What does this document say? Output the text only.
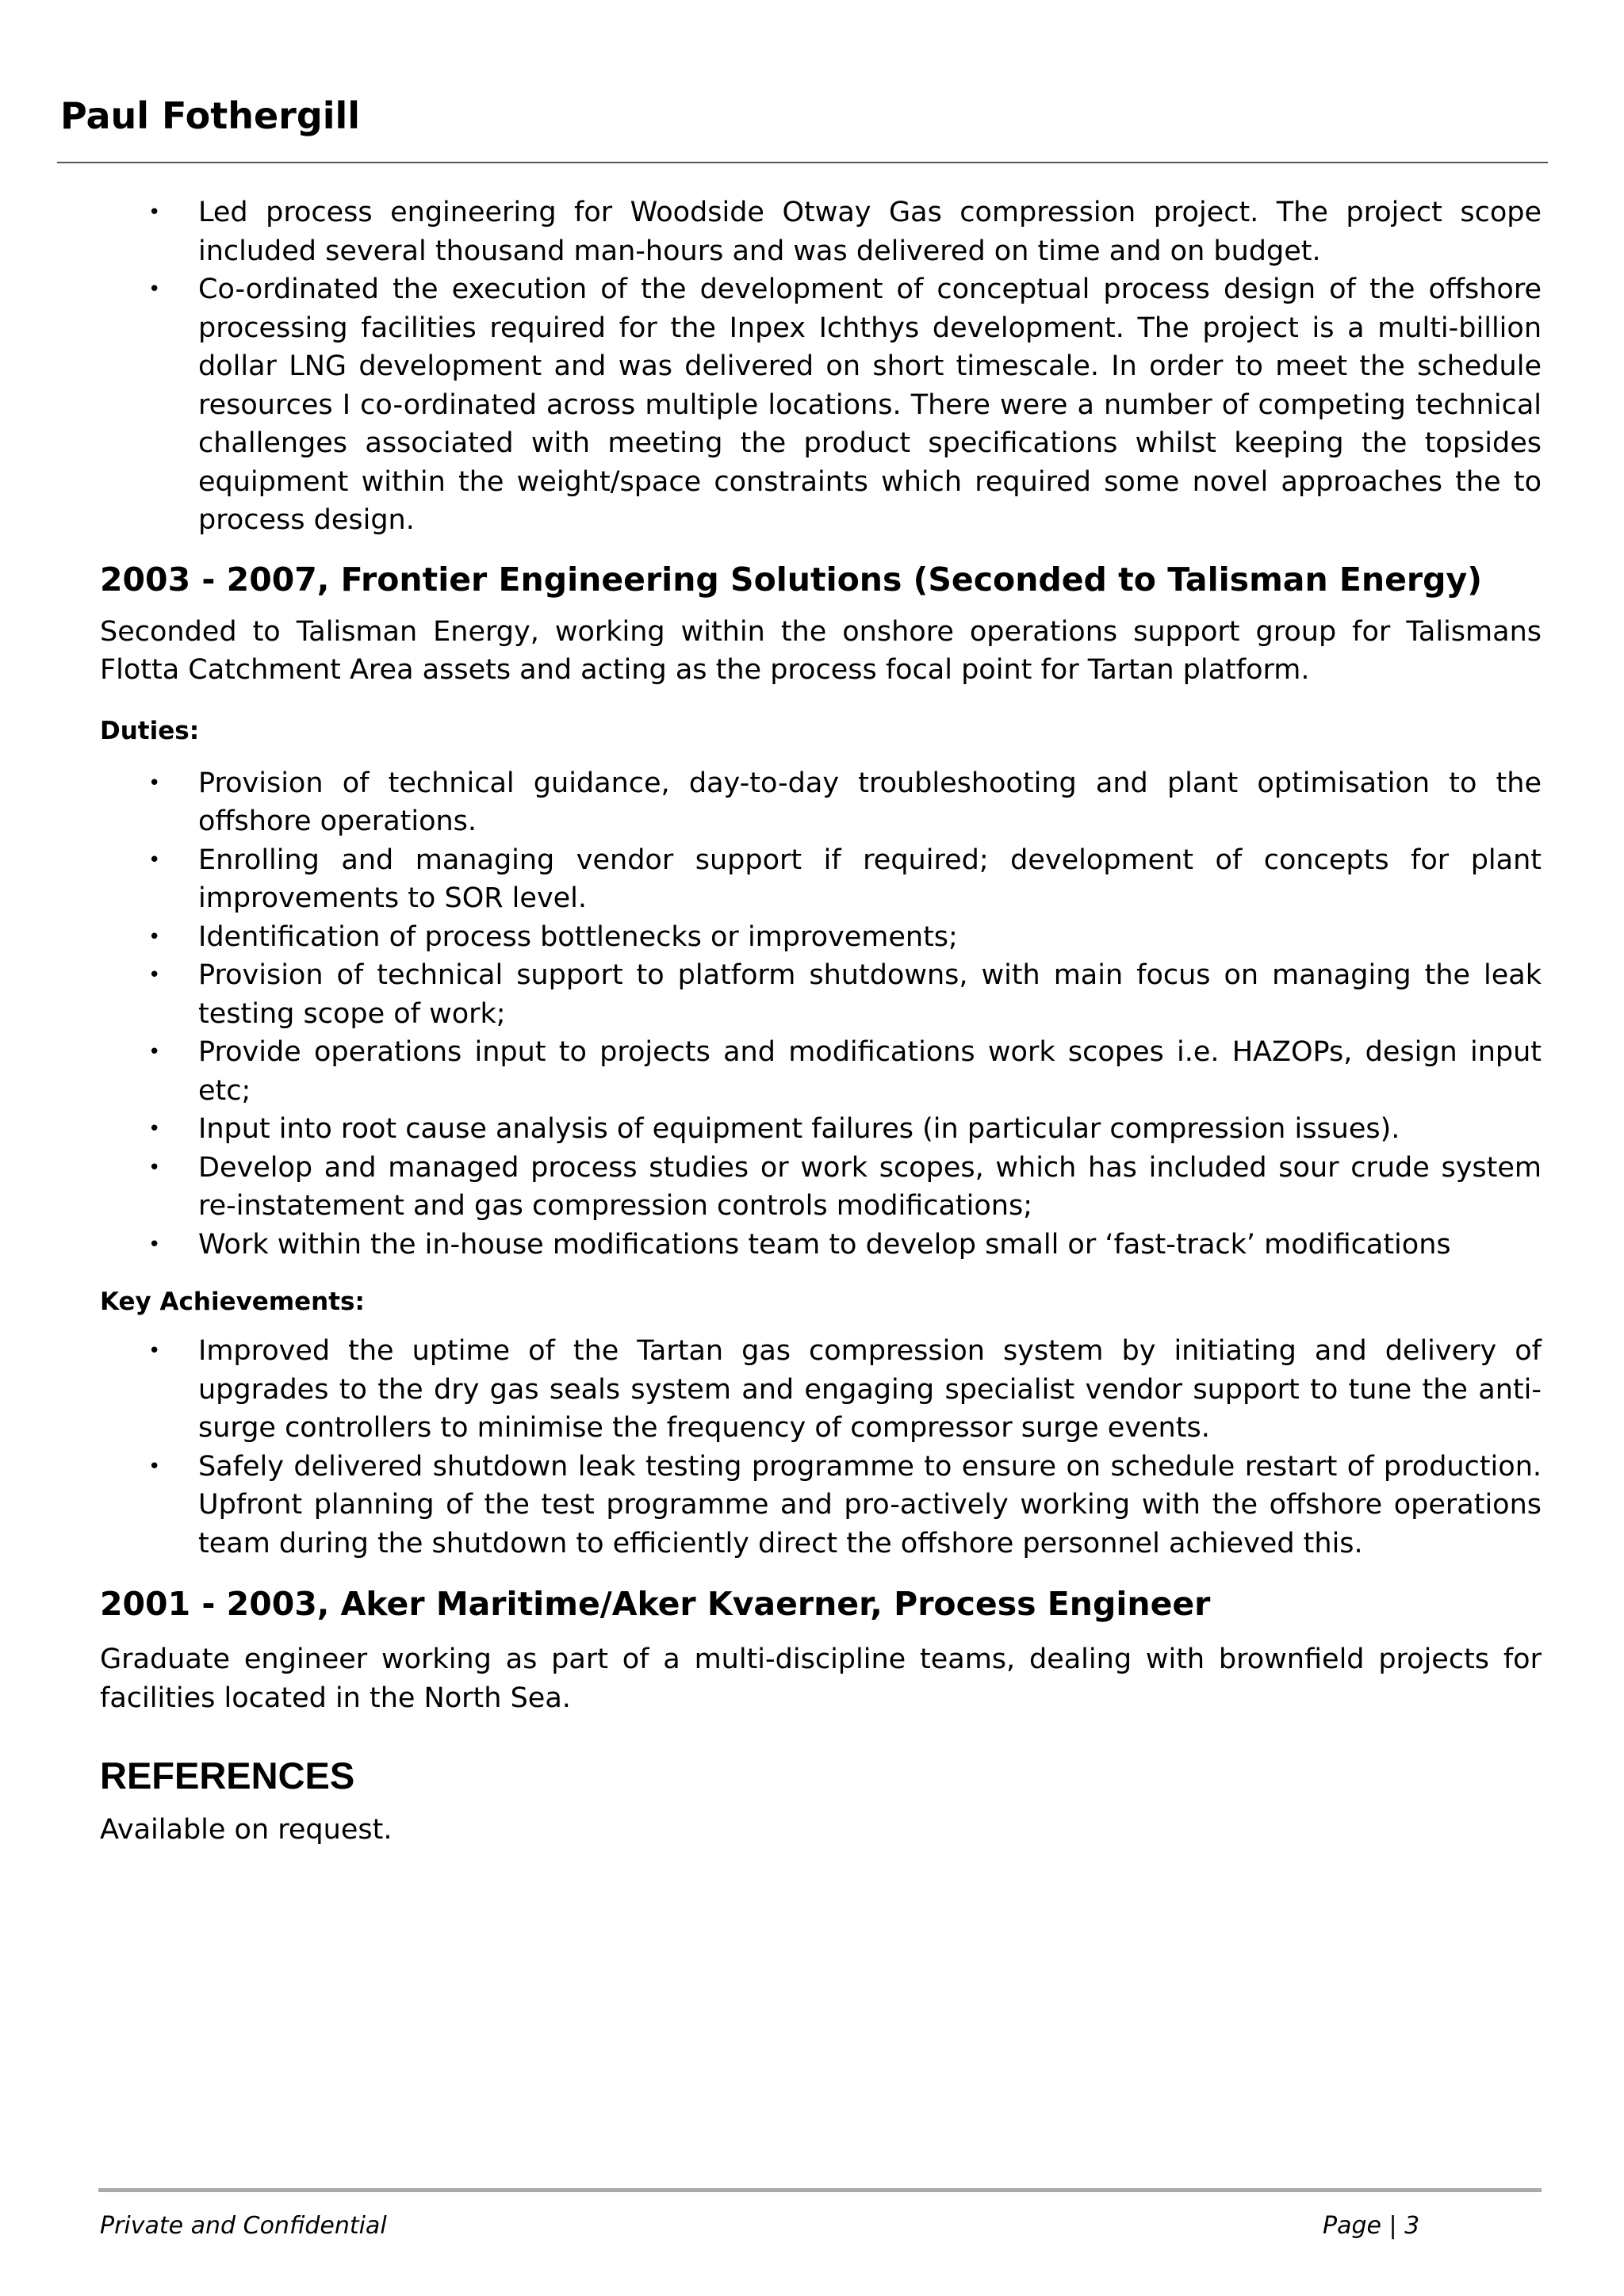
Paul Fothergill
• Led process engineering for Woodside Otway Gas compression project. The project scope included several thousand man-hours and was delivered on time and on budget.
• Co-ordinated the execution of the development of conceptual process design of the offshore processing facilities required for the Inpex Ichthys development. The project is a multi-billion dollar LNG development and was delivered on short timescale. In order to meet the schedule resources I co-ordinated across multiple locations. There were a number of competing technical challenges associated with meeting the product specifications whilst keeping the topsides equipment within the weight/space constraints which required some novel approaches the to process design.
2003 - 2007, Frontier Engineering Solutions (Seconded to Talisman Energy)

Seconded to Talisman Energy, working within the onshore operations support group for Talismans Flotta Catchment Area assets and acting as the process focal point for Tartan platform.

Duties:
• Provision of technical guidance, day-to-day troubleshooting and plant optimisation to the offshore operations.
• Enrolling and managing vendor support if required; development of concepts for plant improvements to SOR level.
• Identification of process bottlenecks or improvements;
• Provision of technical support to platform shutdowns, with main focus on managing the leak testing scope of work;
• Provide operations input to projects and modifications work scopes i.e. HAZOPs, design input etc;
• Input into root cause analysis of equipment failures (in particular compression issues).
• Develop and managed process studies or work scopes, which has included sour crude system re-instatement and gas compression controls modifications;
• Work within the in-house modifications team to develop small or ‘fast-track’ modifications
Key Achievements:
• Improved the uptime of the Tartan gas compression system by initiating and delivery of upgrades to the dry gas seals system and engaging specialist vendor support to tune the anti-surge controllers to minimise the frequency of compressor surge events.
• Safely delivered shutdown leak testing programme to ensure on schedule restart of production. Upfront planning of the test programme and pro-actively working with the offshore operations team during the shutdown to efficiently direct the offshore personnel achieved this.
2001 - 2003, Aker Maritime/Aker Kvaerner, Process Engineer

Graduate engineer working as part of a multi-discipline teams, dealing with brownfield projects for facilities located in the North Sea.

REFERENCES

Available on request.

Private and Confidential	Page | 3
